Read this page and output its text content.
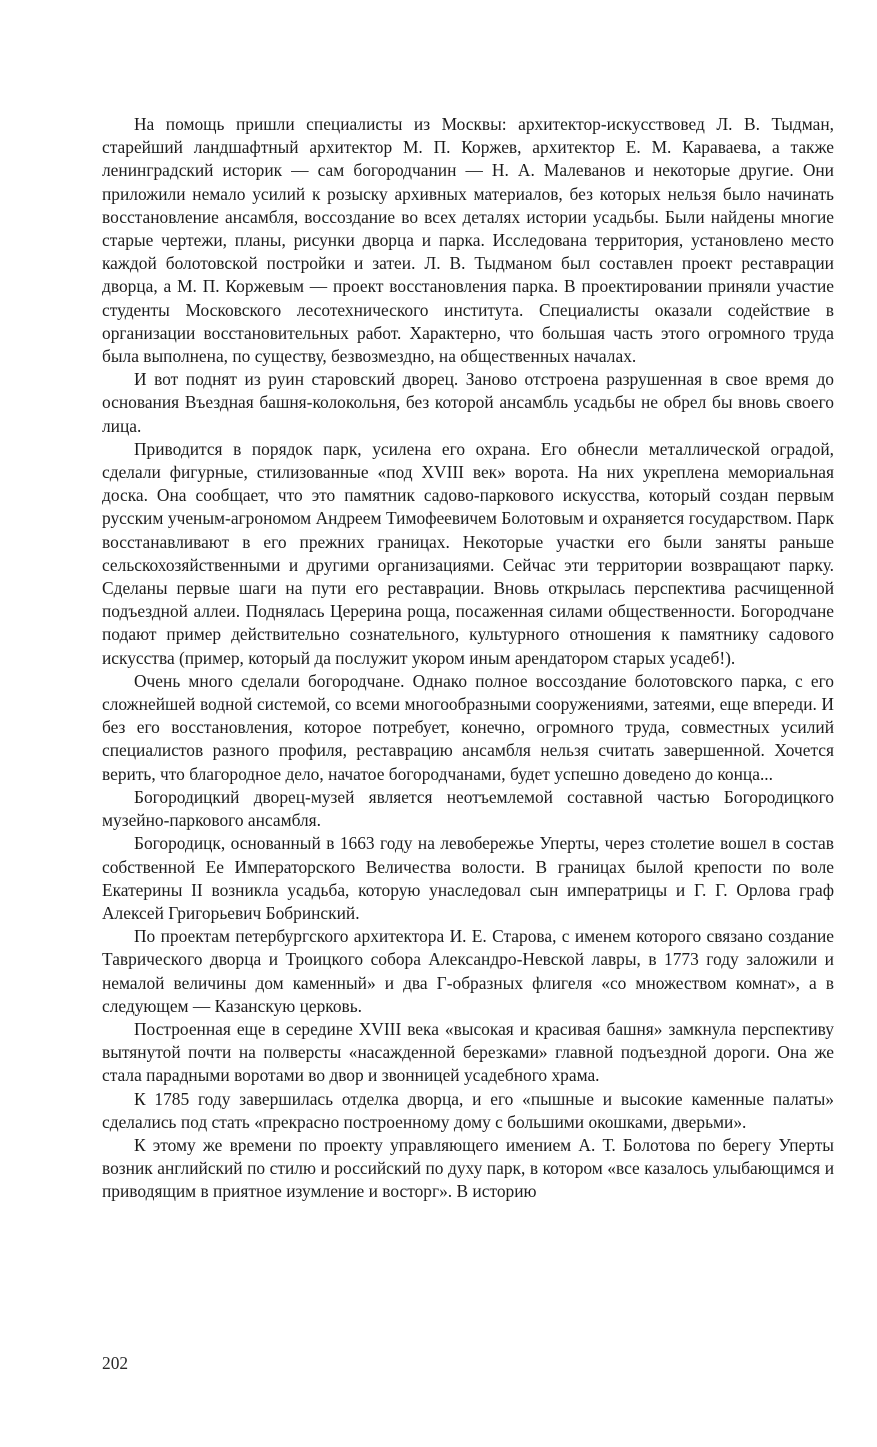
На помощь пришли специалисты из Москвы: архитектор-искусствовед Л. В. Тыдман, старейший ландшафтный архитектор М. П. Коржев, архитектор Е. М. Караваева, а также ленинградский историк — сам богородчанин — Н. А. Малеванов и некоторые другие. Они приложили немало усилий к розыску архивных материалов, без которых нельзя было начинать восстановление ансамбля, воссоздание во всех деталях истории усадьбы. Были найдены многие старые чертежи, планы, рисунки дворца и парка. Исследована территория, установлено место каждой болотовской постройки и затеи. Л. В. Тыдманом был составлен проект реставрации дворца, а М. П. Коржевым — проект восстановления парка. В проектировании приняли участие студенты Московского лесотехнического института. Специалисты оказали содействие в организации восстановительных работ. Характерно, что большая часть этого огромного труда была выполнена, по существу, безвозмездно, на общественных началах.

И вот поднят из руин старовский дворец. Заново отстроена разрушенная в свое время до основания Въездная башня-колокольня, без которой ансамбль усадьбы не обрел бы вновь своего лица.

Приводится в порядок парк, усилена его охрана. Его обнесли металлической оградой, сделали фигурные, стилизованные «под XVIII век» ворота. На них укреплена мемориальная доска. Она сообщает, что это памятник садово-паркового искусства, который создан первым русским ученым-агрономом Андреем Тимофеевичем Болотовым и охраняется государством. Парк восстанавливают в его прежних границах. Некоторые участки его были заняты раньше сельскохозяйственными и другими организациями. Сейчас эти территории возвращают парку. Сделаны первые шаги на пути его реставрации. Вновь открылась перспектива расчищенной подъездной аллеи. Поднялась Церерина роща, посаженная силами общественности. Богородчане подают пример действительно сознательного, культурного отношения к памятнику садового искусства (пример, который да послужит укором иным арендатором старых усадеб!).

Очень много сделали богородчане. Однако полное воссоздание болотовского парка, с его сложнейшей водной системой, со всеми многообразными сооружениями, затеями, еще впереди. И без его восстановления, которое потребует, конечно, огромного труда, совместных усилий специалистов разного профиля, реставрацию ансамбля нельзя считать завершенной. Хочется верить, что благородное дело, начатое богородчанами, будет успешно доведено до конца...

Богородицкий дворец-музей является неотъемлемой составной частью Богородицкого музейно-паркового ансамбля.

Богородицк, основанный в 1663 году на левобережье Уперты, через столетие вошел в состав собственной Ее Императорского Величества волости. В границах былой крепости по воле Екатерины II возникла усадьба, которую унаследовал сын императрицы и Г. Г. Орлова граф Алексей Григорьевич Бобринский.

По проектам петербургского архитектора И. Е. Старова, с именем которого связано создание Таврического дворца и Троицкого собора Александро-Невской лавры, в 1773 году заложили и немалой величины дом каменный» и два Г-образных флигеля «со множеством комнат», а в следующем — Казанскую церковь.

Построенная еще в середине XVIII века «высокая и красивая башня» замкнула перспективу вытянутой почти на полверсты «насажденной березками» главной подъездной дороги. Она же стала парадными воротами во двор и звонницей усадебного храма.

К 1785 году завершилась отделка дворца, и его «пышные и высокие каменные палаты» сделались под стать «прекрасно построенному дому с большими окошками, дверьми».

К этому же времени по проекту управляющего имением А. Т. Болотова по берегу Уперты возник английский по стилю и российский по духу парк, в котором «все казалось улыбающимся и приводящим в приятное изумление и восторг». В историю

202
